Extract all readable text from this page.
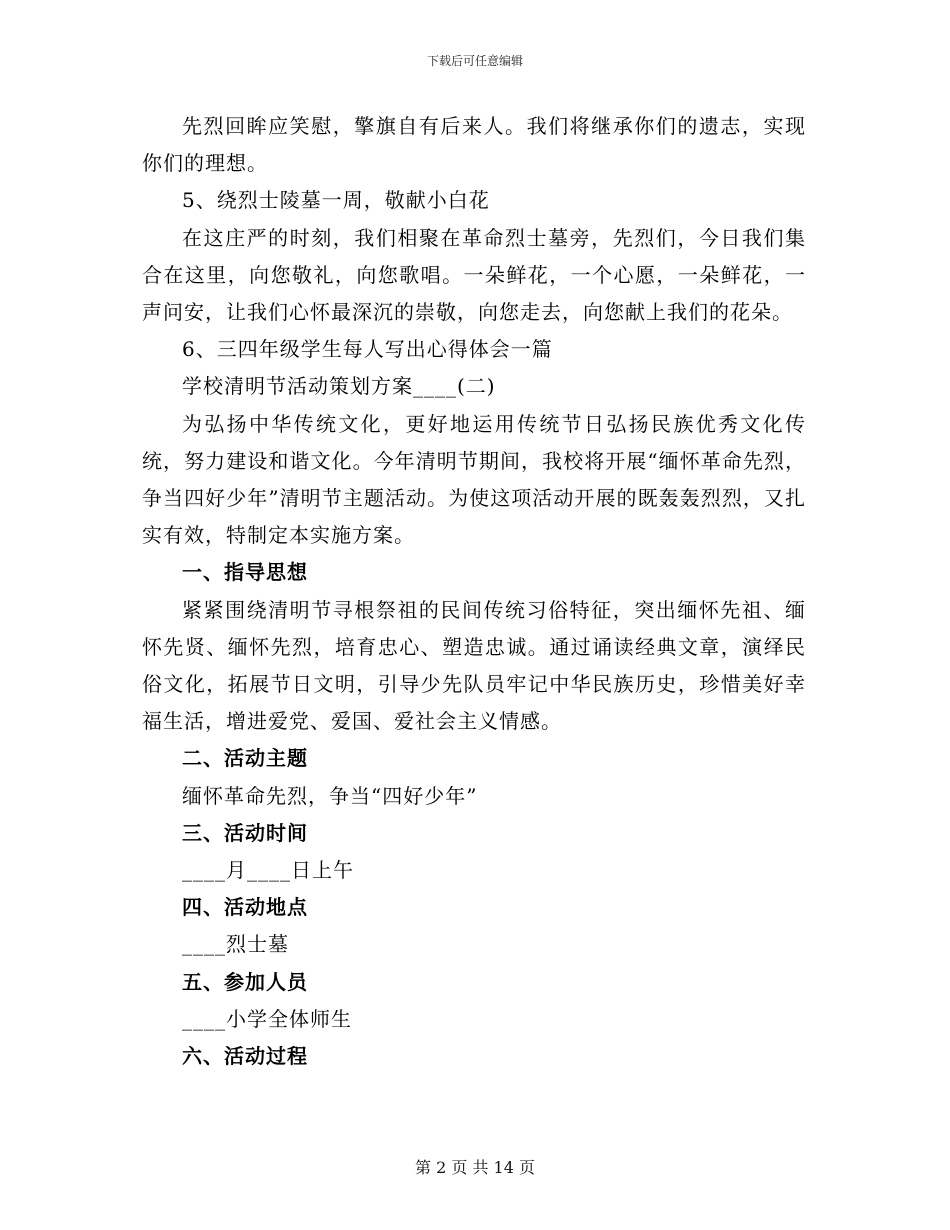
下载后可任意编辑

先烈回眸应笑慰，擎旗自有后来人。我们将继承你们的遗志，实现你们的理想。

5、绕烈士陵墓一周，敬献小白花

在这庄严的时刻，我们相聚在革命烈士墓旁，先烈们，今日我们集合在这里，向您敬礼，向您歌唱。一朵鲜花，一个心愿，一朵鲜花，一声问安，让我们心怀最深沉的崇敬，向您走去，向您献上我们的花朵。

6、三四年级学生每人写出心得体会一篇

学校清明节活动策划方案____(二)

为弘扬中华传统文化，更好地运用传统节日弘扬民族优秀文化传统，努力建设和谐文化。今年清明节期间，我校将开展“缅怀革命先烈，争当四好少年”清明节主题活动。为使这项活动开展的既轰轰烈烈，又扎实有效，特制定本实施方案。

一、指导思想

紧紧围绕清明节寻根祭祖的民间传统习俗特征，突出缅怀先祖、缅怀先贤、缅怀先烈，培育忠心、塑造忠诚。通过诵读经典文章，演绎民俗文化，拓展节日文明，引导少先队员牢记中华民族历史，珍惜美好幸福生活，增进爱党、爱国、爱社会主义情感。

二、活动主题

缅怀革命先烈，争当“四好少年”

三、活动时间

____月____日上午

四、活动地点

____烈士墓

五、参加人员

____小学全体师生

六、活动过程

第 2 页 共 14 页
